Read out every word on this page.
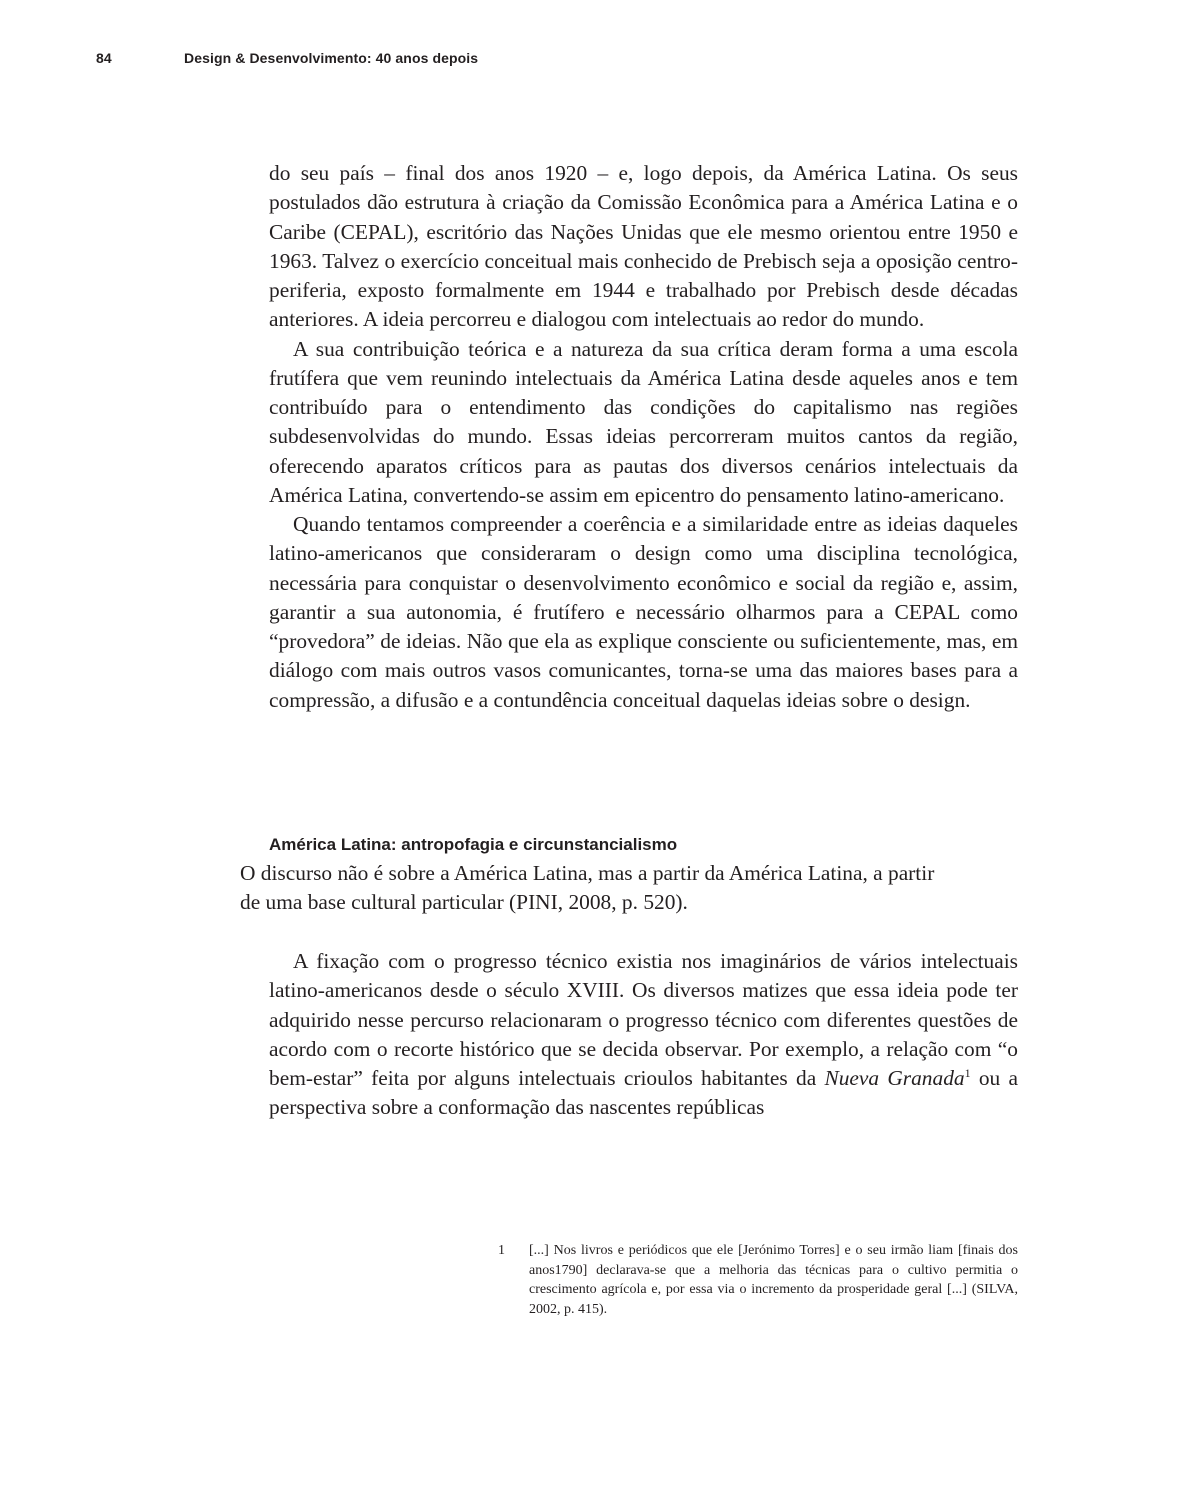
84	Design & Desenvolvimento: 40 anos depois

do seu país – final dos anos 1920 – e, logo depois, da América Latina. Os seus postulados dão estrutura à criação da Comissão Econômica para a América Latina e o Caribe (CEPAL), escritório das Nações Unidas que ele mesmo orientou entre 1950 e 1963. Talvez o exercício conceitual mais conhecido de Prebisch seja a oposição centro-periferia, exposto formalmente em 1944 e trabalhado por Prebisch desde décadas anteriores. A ideia percorreu e dialogou com intelectuais ao redor do mundo.

A sua contribuição teórica e a natureza da sua crítica deram forma a uma escola frutífera que vem reunindo intelectuais da América Latina desde aqueles anos e tem contribuído para o entendimento das condições do capitalismo nas regiões subdesenvolvidas do mundo. Essas ideias percorreram muitos cantos da região, oferecendo aparatos críticos para as pautas dos diversos cenários intelectuais da América Latina, convertendo-se assim em epicentro do pensamento latino-americano.

Quando tentamos compreender a coerência e a similaridade entre as ideias daqueles latino-americanos que consideraram o design como uma disciplina tecnológica, necessária para conquistar o desenvolvimento econômico e social da região e, assim, garantir a sua autonomia, é frutífero e necessário olharmos para a CEPAL como “provedora” de ideias. Não que ela as explique consciente ou suficientemente, mas, em diálogo com mais outros vasos comunicantes, torna-se uma das maiores bases para a compressão, a difusão e a contundência conceitual daquelas ideias sobre o design.

América Latina: antropofagia e circunstancialismo
O discurso não é sobre a América Latina, mas a partir da América Latina, a partir
de uma base cultural particular (PINI, 2008, p. 520).

A fixação com o progresso técnico existia nos imaginários de vários intelectuais latino-americanos desde o século XVIII. Os diversos matizes que essa ideia pode ter adquirido nesse percurso relacionaram o progresso técnico com diferentes questões de acordo com o recorte histórico que se decida observar. Por exemplo, a relação com “o bem-estar” feita por alguns intelectuais crioulos habitantes da Nueva Granada$^1$ ou a perspectiva sobre a conformação das nascentes repúblicas

1 [...] Nos livros e periódicos que ele [Jerónimo Torres] e o seu irmão liam [finais dos anos1790] declarava-se que a melhoria das técnicas para o cultivo permitia o crescimento agrícola e, por essa via o incremento da prosperidade geral [...] (SILVA, 2002, p. 415).
